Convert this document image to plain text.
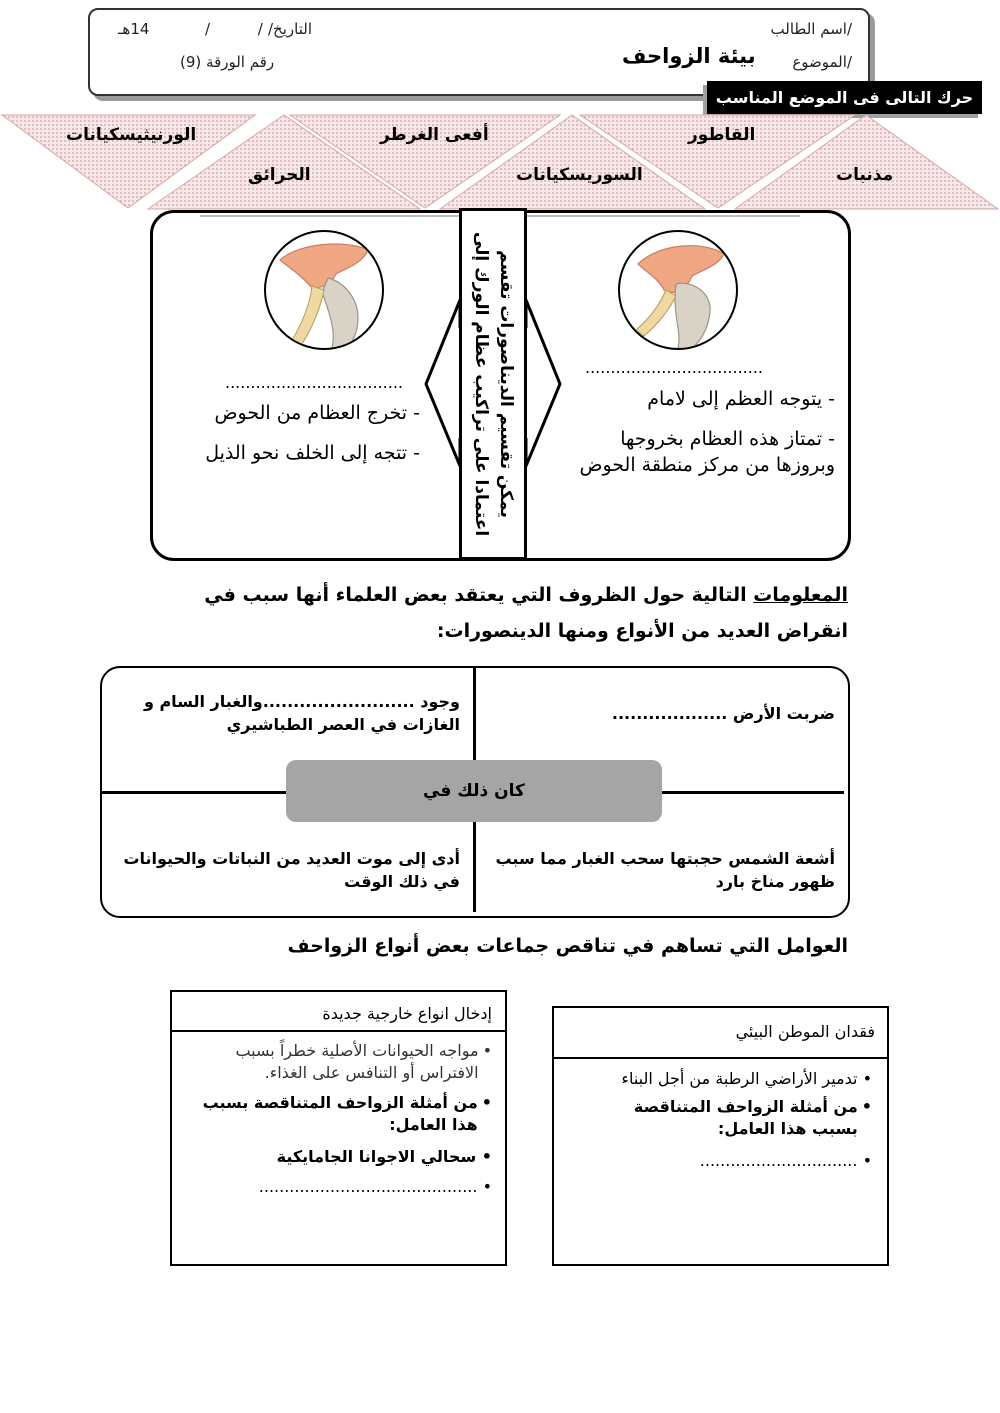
اسم الطالب/
التاريخ/
/          /
14هـ
الموضوع/
بيئة الزواحف
رقم الورقة (9)
حرك التالى فى الموضع المناسب
الورنيثيسكيانات	أفعى الغرطر	القاطور
الحرائق	السوريسكيانات	مذنبات
يمكن تقسيم الديناصورات تقسم اعتمادا على تراكيب عظام الورك إلى	...................................
- يتوجه العظم إلى لامام
- تمتاز هذه العظام بخروجها
وبروزها من مركز منطقة الحوض
...................................
- تخرج العظام من الحوض
- تتجه إلى الخلف نحو الذيل
المعلومات التالية حول الظروف التي يعتقد بعض العلماء أنها سبب في انقراض العديد من الأنواع ومنها الدينصورات:
ضربت الأرض ...................
وجود .........................والغبار السام و
الغازات في العصر الطباشيري
كان ذلك في
أشعة الشمس حجبتها سحب الغبار مما سبب
ظهور مناخ بارد
أدى إلى موت العديد من النباتات والحيوانات
في ذلك الوقت
العوامل التي تساهم في تناقص جماعات بعض أنواع الزواحف
فقدان الموطن البيئي
• تدمير الأراضي الرطبة من أجل البناء
•
من أمثلة الزواحف المتناقصة بسبب هذا العامل:
• ...............................
إدخال انواع خارجية جديدة
•
مواجه الحيوانات الأصلية خطراً بسبب الافتراس أو التنافس على الغذاء.
•
من أمثلة الزواحف المتناقصة بسبب هذا العامل:
• سحالي الاجوانا الجامايكية
• ...........................................
